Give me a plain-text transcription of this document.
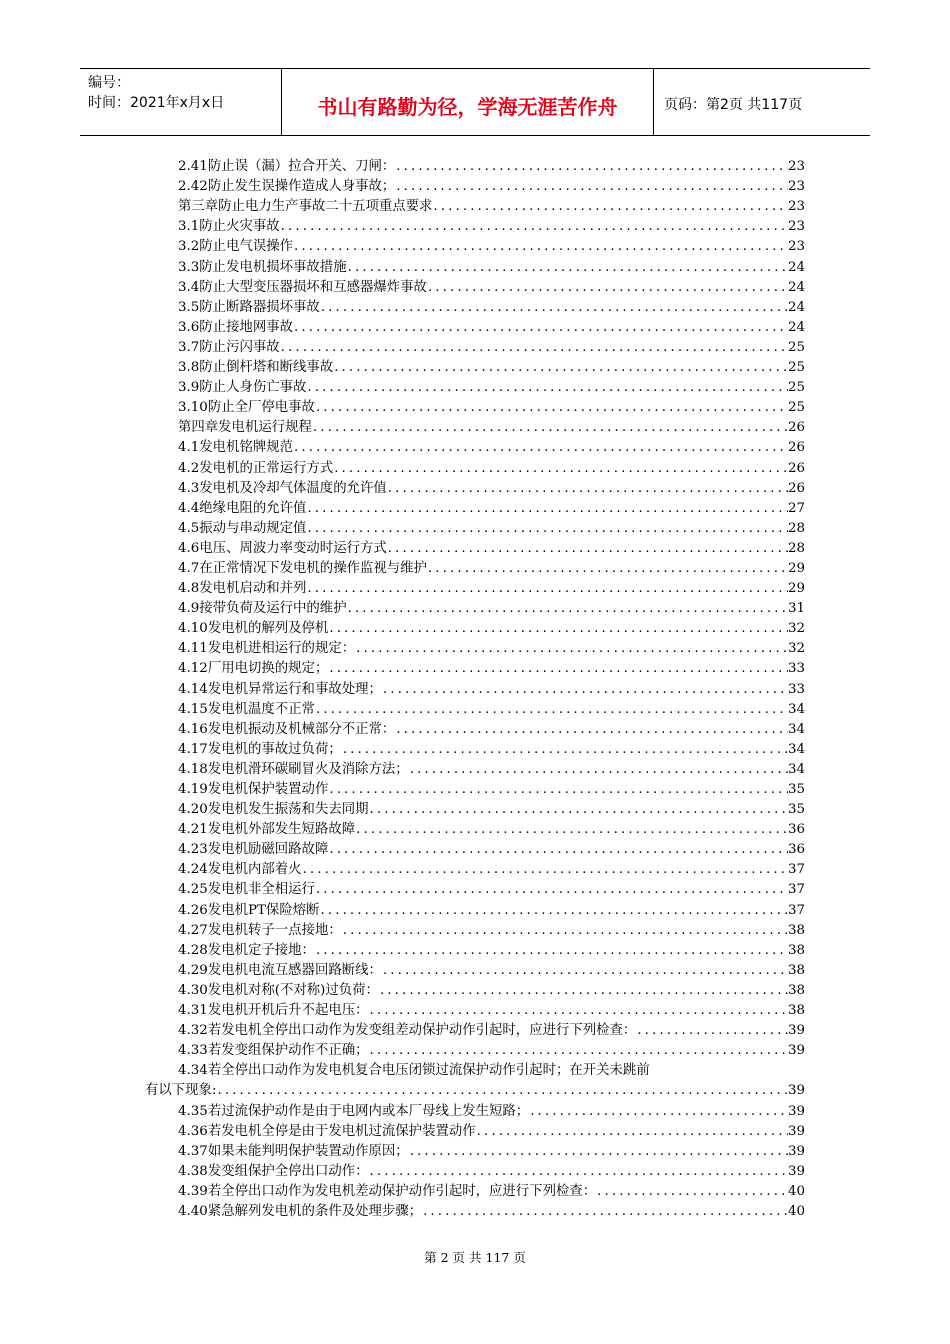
编号：
时间：2021年x月x日	书山有路勤为径，学海无涯苦作舟	页码：第2页 共117页
2.41防止误（漏）拉合开关、刀闸： .....	23
2.42防止发生误操作造成人身事故； .....	23
第三章防止电力生产事故二十五项重点要求 .....	23
3.1防止火灾事故 .....	23
3.2防止电气误操作 .....	23
3.3防止发电机损坏事故措施 .....	24
3.4防止大型变压器损坏和互感器爆炸事故 .....	24
3.5防止断路器损坏事故 .....	24
3.6防止接地网事故 .....	24
3.7防止污闪事故 .....	25
3.8防止倒杆塔和断线事故 .....	25
3.9防止人身伤亡事故 .....	25
3.10防止全厂停电事故 .....	25
第四章发电机运行规程 .....	26
4.1发电机铭牌规范 .....	26
4.2发电机的正常运行方式 .....	26
4.3发电机及冷却气体温度的允许值 .....	26
4.4绝缘电阻的允许值 .....	27
4.5振动与串动规定值 .....	28
4.6电压、周波力率变动时运行方式 .....	28
4.7在正常情况下发电机的操作监视与维护 .....	29
4.8发电机启动和并列 .....	29
4.9接带负荷及运行中的维护 .....	31
4.10发电机的解列及停机 .....	32
4.11发电机进相运行的规定： .....	32
4.12厂用电切换的规定； .....	33
4.14发电机异常运行和事故处理； .....	33
4.15发电机温度不正常 .....	34
4.16发电机振动及机械部分不正常： .....	34
4.17发电机的事故过负荷； .....	34
4.18发电机滑环碳刷冒火及消除方法； .....	34
4.19发电机保护装置动作 .....	35
4.20发电机发生振荡和失去同期 .....	35
4.21发电机外部发生短路故障 .....	36
4.23发电机励磁回路故障 .....	36
4.24发电机内部着火 .....	37
4.25发电机非全相运行 .....	37
4.26发电机PT保险熔断 .....	37
4.27发电机转子一点接地： .....	38
4.28发电机定子接地： .....	38
4.29发电机电流互感器回路断线： .....	38
4.30发电机对称(不对称)过负荷： .....	38
4.31发电机开机后升不起电压： .....	38
4.32若发电机全停出口动作为发变组差动保护动作引起时，应进行下列检查： .....	39
4.33若发变组保护动作不正确； .....	39
4.34若全停出口动作为发电机复合电压闭锁过流保护动作引起时；在开关未跳前
有以下现象: .....	39
4.35若过流保护动作是由于电网内或本厂母线上发生短路； .....	39
4.36若发电机全停是由于发电机过流保护装置动作 .....	39
4.37如果未能判明保护装置动作原因； .....	39
4.38发变组保护全停出口动作： .....	39
4.39若全停出口动作为发电机差动保护动作引起时，应进行下列检查： .....	40
4.40紧急解列发电机的条件及处理步骤； .....	40
第 2 页 共 117 页
